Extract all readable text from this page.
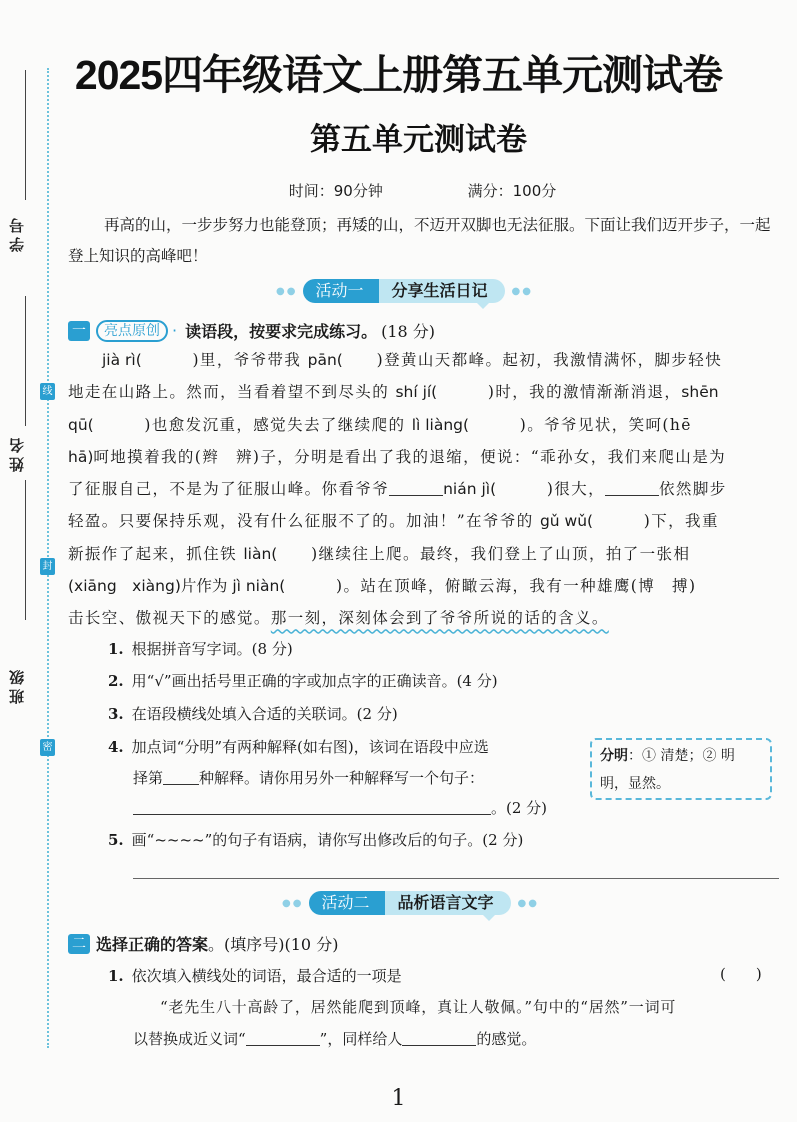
学号
姓名
班级
线
封
密
2025四年级语文上册第五单元测试卷
第五单元测试卷
时间：90分钟	满分：100分
再高的山，一步步努力也能登顶；再矮的山，不迈开双脚也无法征服。下面让我们迈开步子，一起登上知识的高峰吧！
●●	活动一	分享生活日记	●●
一	亮点原创 · 读语段，按要求完成练习。 (18 分)
jià rì(　　　)里，爷爷带我 pān(　　)登黄山天都峰。起初，我激情满怀，脚步轻快
地走在山路上。然而，当看着望不到尽头的 shí jí(　　　)时，我的激情渐渐消退，shēn
qū(　　　)也愈发沉重，感觉失去了继续爬的 lì liàng(　　　)。爷爷见状，笑呵(hē
hā)呵地摸着我的(辫　辨)子，分明是看出了我的退缩，便说：“乖孙女，我们来爬山是为
了征服自己，不是为了征服山峰。你看爷爷	nián jì(　　　)很大，	依然脚步
轻盈。只要保持乐观，没有什么征服不了的。加油！”在爷爷的 gǔ wǔ(　　　)下，我重
新振作了起来，抓住铁 liàn(　　)继续往上爬。最终，我们登上了山顶，拍了一张相
(xiāng　xiàng)片作为 jì niàn(　　　)。站在顶峰，俯瞰云海，我有一种雄鹰(博　搏)
击长空、傲视天下的感觉。那一刻，深刻体会到了爷爷所说的话的含义。
1. 根据拼音写字词。(8 分)
2. 用“√”画出括号里正确的字或加点字的正确读音。(4 分)
3. 在语段横线处填入合适的关联词。(2 分)
4. 加点词“分明”有两种解释(如右图)，该词在语段中应选
择第 种解释。请你用另外一种解释写一个句子：
。(2 分)
分明：① 清楚；② 明
明，显然。
5. 画“~~~~”的句子有语病，请你写出修改后的句子。(2 分)
●●	活动二	品析语言文字	●●
二 选择正确的答案 。(填序号)(10 分)
1. 依次填入横线处的词语，最合适的一项是	(　　)
“老先生八十高龄了，居然能爬到顶峰，真让人敬佩。”句中的“居然”一词可
以替换成近义词“	”，同样给人	的感觉。
1
